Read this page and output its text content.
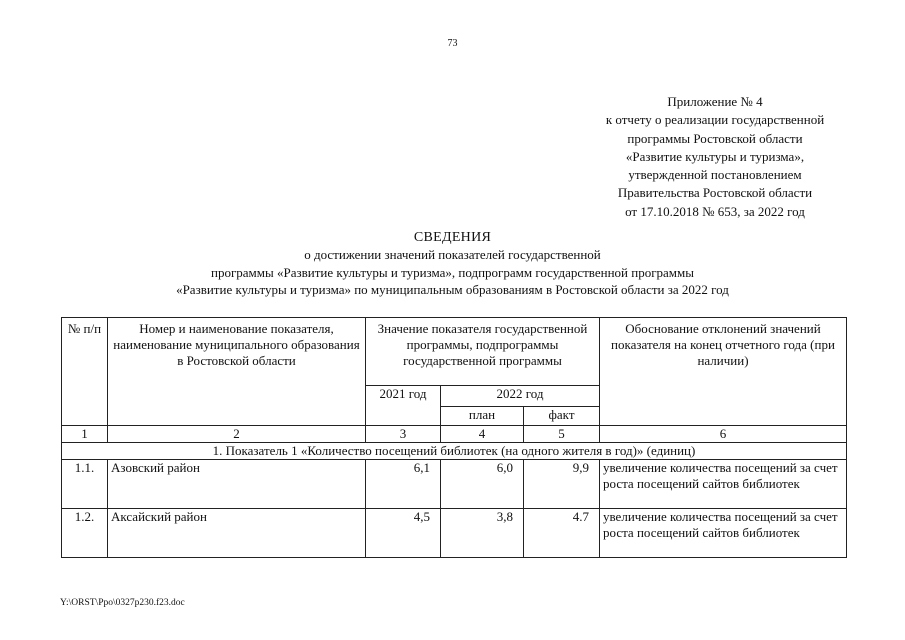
73
Приложение № 4
к отчету о реализации государственной
программы Ростовской области
«Развитие культуры и туризма»,
утвержденной постановлением
Правительства Ростовской области
от 17.10.2018 № 653, за 2022 год
СВЕДЕНИЯ
о достижении значений показателей государственной
программы «Развитие культуры и туризма», подпрограмм государственной программы
«Развитие культуры и туризма» по муниципальным образованиям в Ростовской области за 2022 год
№ п/п	Номер и наименование показателя, наименование муниципального образования в Ростовской области	Значение показателя государственной программы, подпрограммы государственной программы			Обоснование отклонений значений показателя на конец отчетного года (при наличии)
		2021 год	2022 год		
			план	факт	
1	2	3	4	5	6
1. Показатель 1 «Количество посещений библиотек (на одного жителя в год)» (единиц)					
1.1.	Азовский район	6,1	6,0	9,9	увеличение количества посещений за счет роста посещений сайтов библиотек
1.2.	Аксайский район	4,5	3,8	4.7	увеличение количества посещений за счет роста посещений сайтов библиотек
Y:\ORST\Ppo\0327p230.f23.doc
